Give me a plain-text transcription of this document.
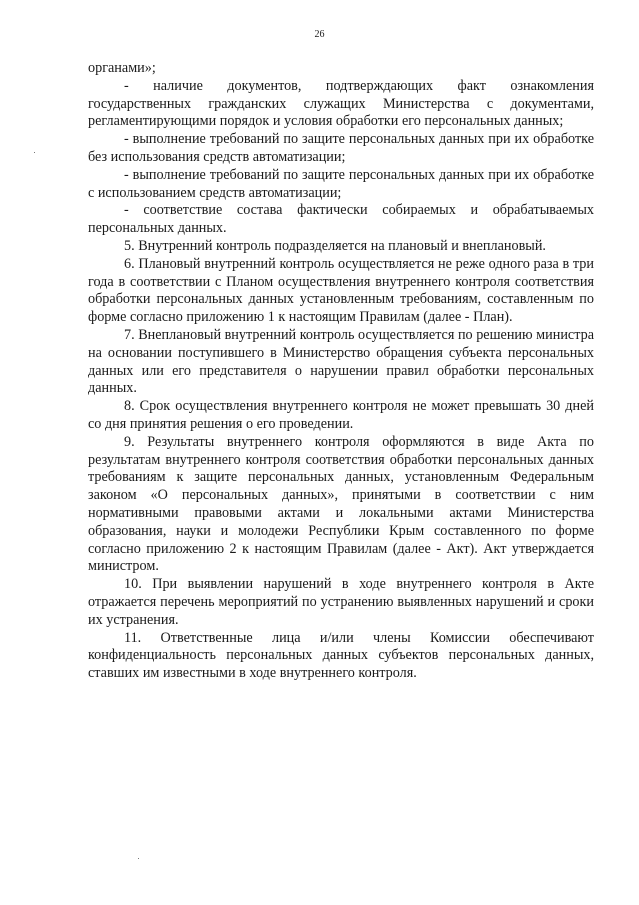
26

органами»;

- наличие документов, подтверждающих факт ознакомления государственных гражданских служащих Министерства с документами, регламентирующими порядок и условия обработки его персональных данных;

- выполнение требований по защите персональных данных при их обработке без использования средств автоматизации;

- выполнение требований по защите персональных данных при их обработке с использованием средств автоматизации;

- соответствие состава фактически собираемых и обрабатываемых персональных данных.

5. Внутренний контроль подразделяется на плановый и внеплановый.

6. Плановый внутренний контроль осуществляется не реже одного раза в три года в соответствии с Планом осуществления внутреннего контроля соответствия обработки персональных данных установленным требованиям, составленным по форме согласно приложению 1 к настоящим Правилам (далее - План).

7. Внеплановый внутренний контроль осуществляется по решению министра на основании поступившего в Министерство обращения субъекта персональных данных или его представителя о нарушении правил обработки персональных данных.

8. Срок осуществления внутреннего контроля не может превышать 30 дней со дня принятия решения о его проведении.

9. Результаты внутреннего контроля оформляются в виде Акта по результатам внутреннего контроля соответствия обработки персональных данных требованиям к защите персональных данных, установленным Федеральным законом «О персональных данных», принятыми в соответствии с ним нормативными правовыми актами и локальными актами Министерства образования, науки и молодежи Республики Крым составленного по форме согласно приложению 2 к настоящим Правилам (далее - Акт). Акт утверждается министром.

10. При выявлении нарушений в ходе внутреннего контроля в Акте отражается перечень мероприятий по устранению выявленных нарушений и сроки их устранения.

11. Ответственные лица и/или члены Комиссии обеспечивают конфиденциальность персональных данных субъектов персональных данных, ставших им известными в ходе внутреннего контроля.
